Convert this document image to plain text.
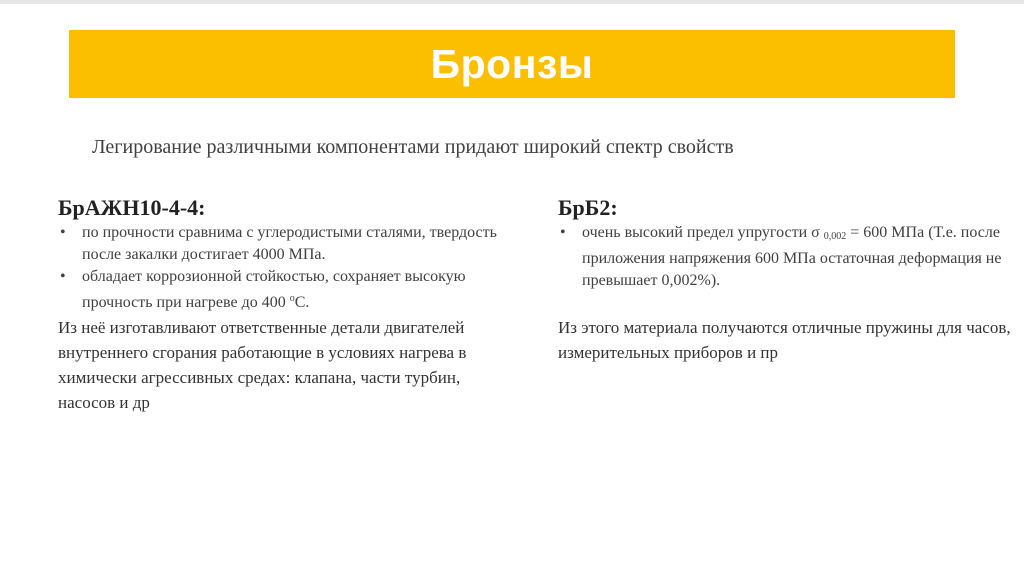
Бронзы
Легирование различными компонентами придают широкий спектр свойств
БрАЖН10-4-4:
• по прочности сравнима с углеродистыми сталями, твердость после закалки достигает 4000 МПа.
• обладает коррозионной стойкостью, сохраняет высокую прочность при нагреве до 400 $^о$С.

Из неё изготавливают ответственные детали двигателей внутреннего сгорания работающие в условиях нагрева в химически агрессивных средах: клапана, части турбин, насосов и др

БрБ2:
• очень высокий предел упругости σ $_{0,002}$ = 600 МПа (Т.е. после приложения напряжения 600 МПа остаточная деформация не превышает 0,002%).

Из этого материала получаются отличные пружины для часов, измерительных приборов и пр
